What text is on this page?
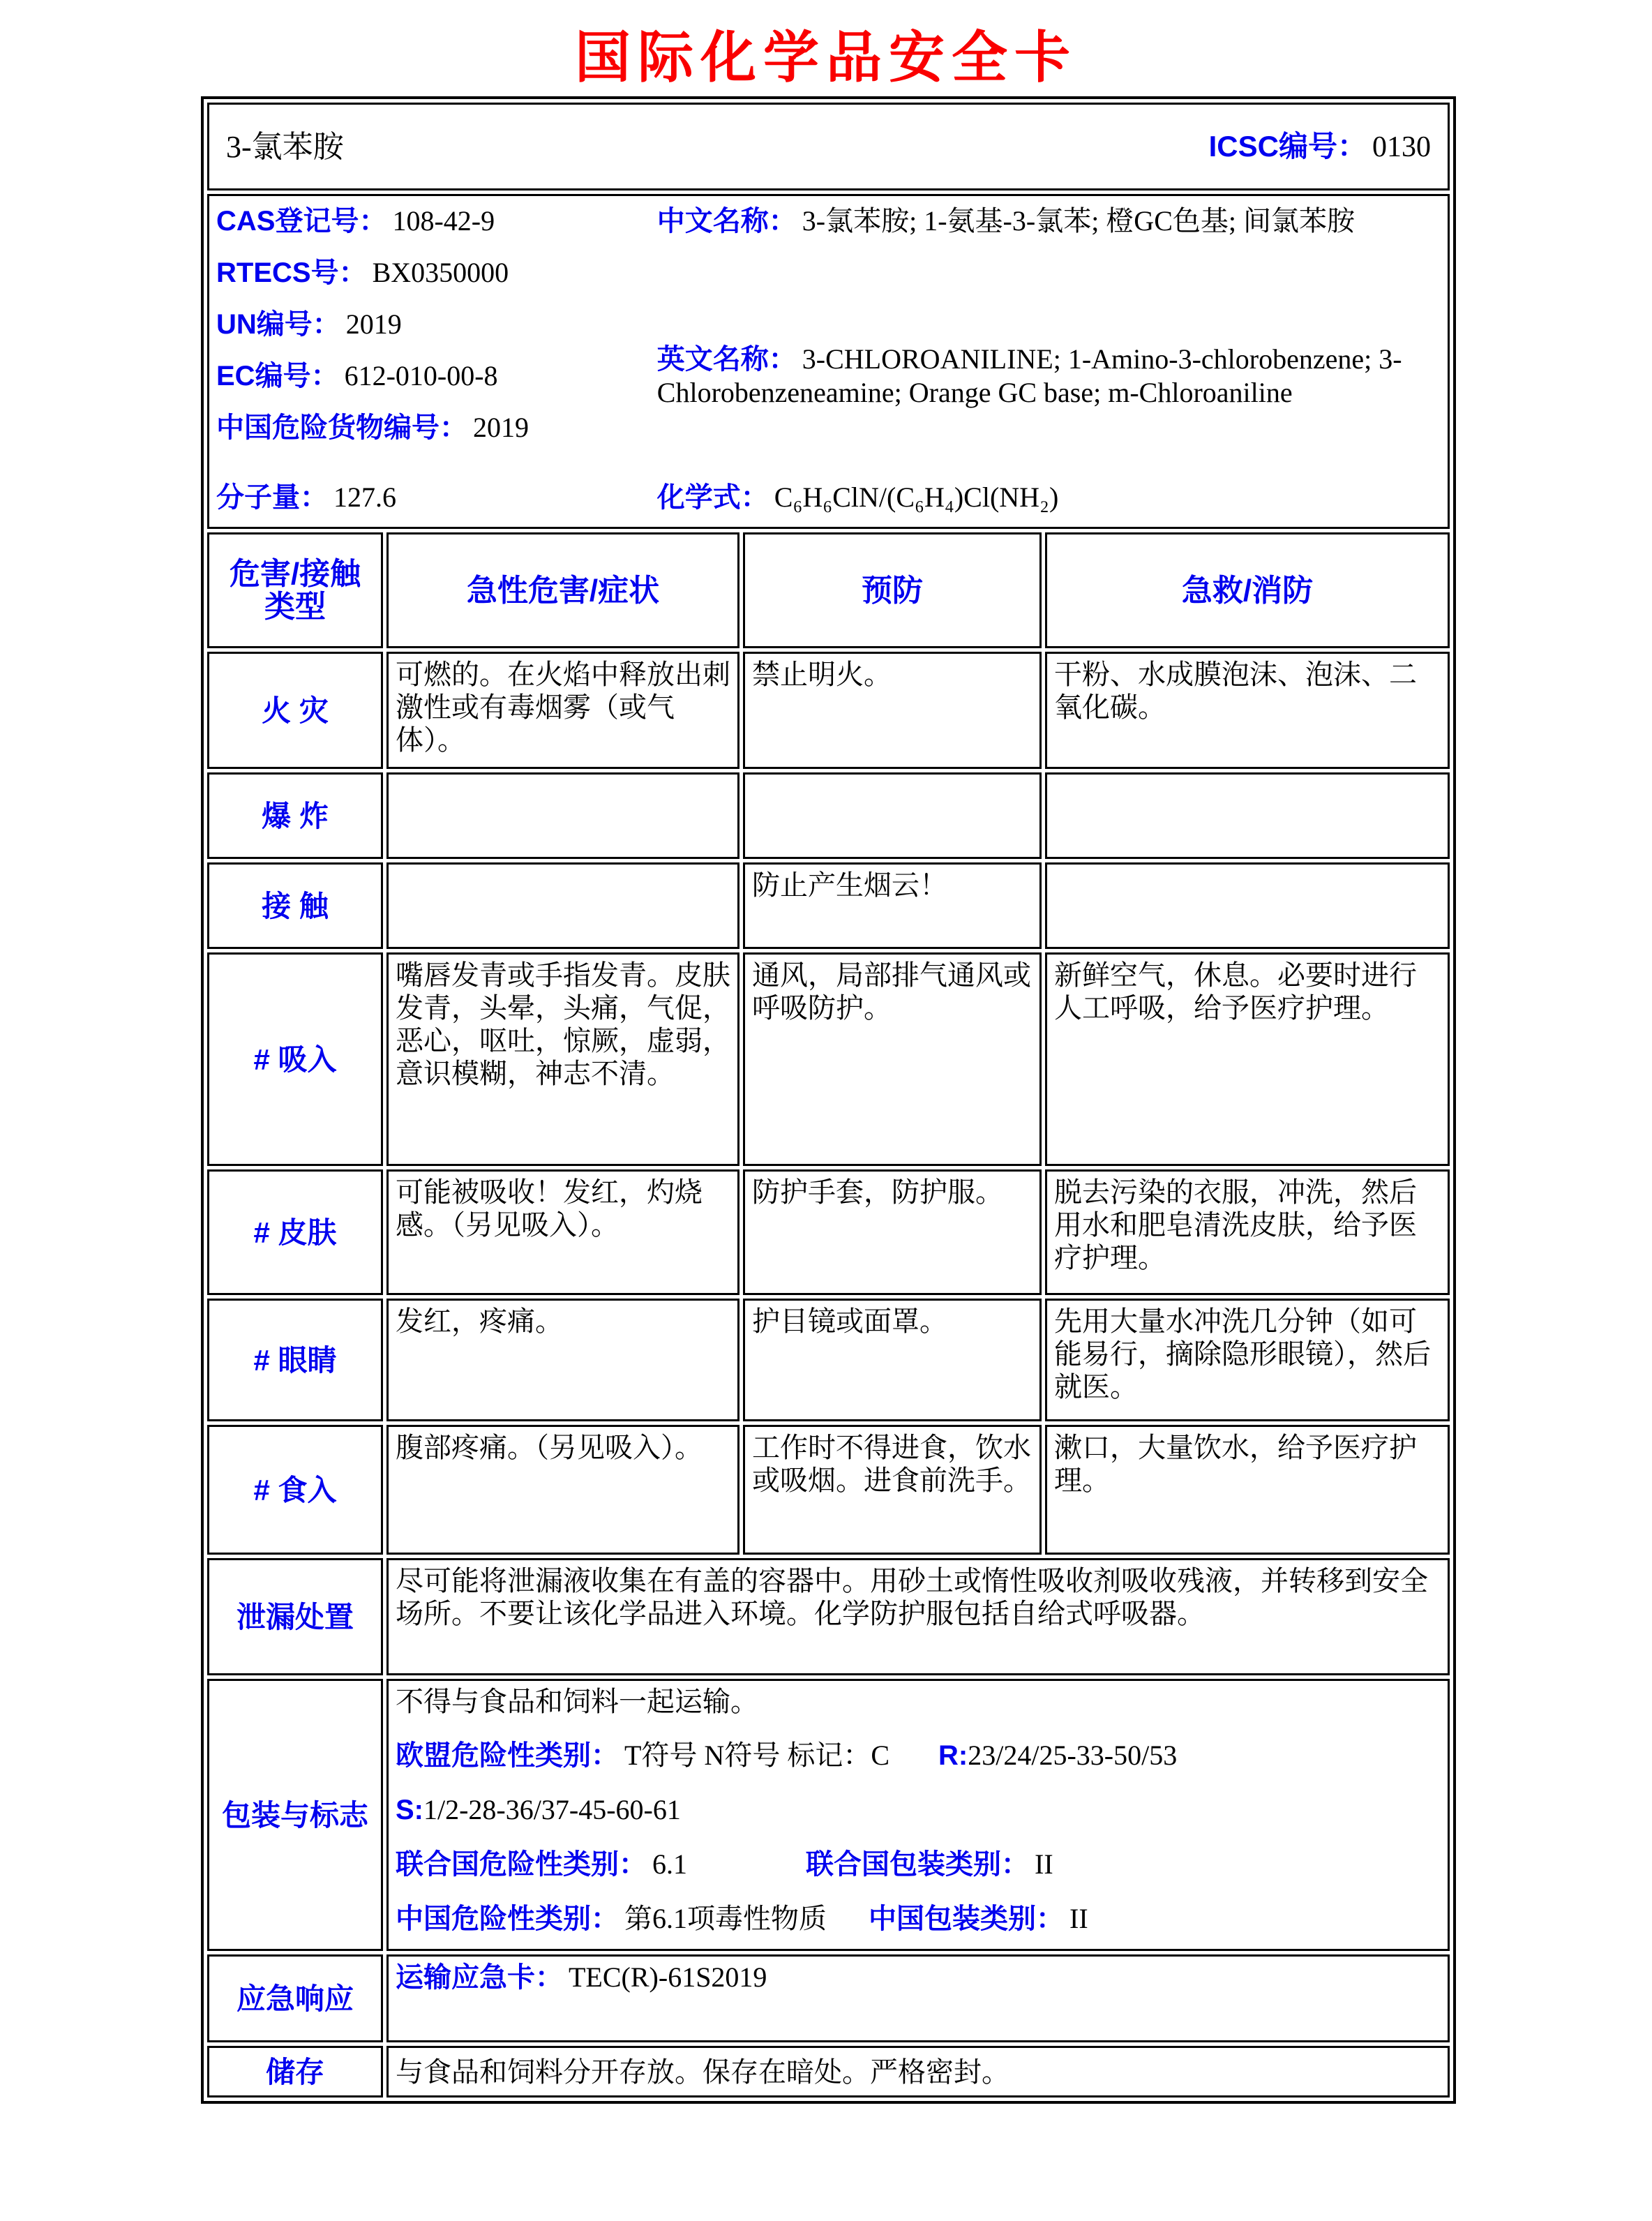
国际化学品安全卡
3-氯苯胺 ICSC编号： 0130			

CAS登记号： 108-42-9
RTECS号： BX0350000
UN编号： 2019
EC编号： 612-010-00-8
中国危险货物编号： 2019
分子量： 127.6
中文名称： 3-氯苯胺; 1-氨基-3-氯苯; 橙GC色基; 间氯苯胺
英文名称： 3-CHLOROANILINE; 1-Amino-3-chlorobenzene; 3-Chlorobenzeneamine; Orange GC base; m-Chloroaniline
化学式： C₆H₆ClN/(C₆H₄)Cl(NH₂)

危害/接触类型	急性危害/症状	预防	急救/消防
火 灾	可燃的。在火焰中释放出刺激性或有毒烟雾（或气体）。	禁止明火。	干粉、水成膜泡沫、泡沫、二氧化碳。
爆 炸			
接 触		防止产生烟云！	
# 吸入	嘴唇发青或手指发青。皮肤发青，头晕，头痛，气促，恶心，呕吐，惊厥，虚弱，意识模糊，神志不清。	通风，局部排气通风或呼吸防护。	新鲜空气，休息。必要时进行人工呼吸，给予医疗护理。
# 皮肤	可能被吸收！发红，灼烧感。（另见吸入）。	防护手套，防护服。	脱去污染的衣服，冲洗，然后用水和肥皂清洗皮肤，给予医疗护理。
# 眼睛	发红，疼痛。	护目镜或面罩。	先用大量水冲洗几分钟（如可能易行，摘除隐形眼镜），然后就医。
# 食入	腹部疼痛。（另见吸入）。	工作时不得进食，饮水或吸烟。进食前洗手。	漱口，大量饮水，给予医疗护理。
泄漏处置	尽可能将泄漏液收集在有盖的容器中。用砂土或惰性吸收剂吸收残液，并转移到安全场所。不要让该化学品进入环境。化学防护服包括自给式呼吸器。		
包装与标志	不得与食品和饲料一起运输。
欧盟危险性类别： T符号 N符号 标记：C R:23/24/25-33-50/53
S:1/2-28-36/37-45-60-61
联合国危险性类别： 6.1 联合国包装类别： II
中国危险性类别： 第6.1项毒性物质 中国包装类别： II		

应急响应	运输应急卡： TEC(R)-61S2019		
储存	与食品和饲料分开存放。保存在暗处。严格密封。		
